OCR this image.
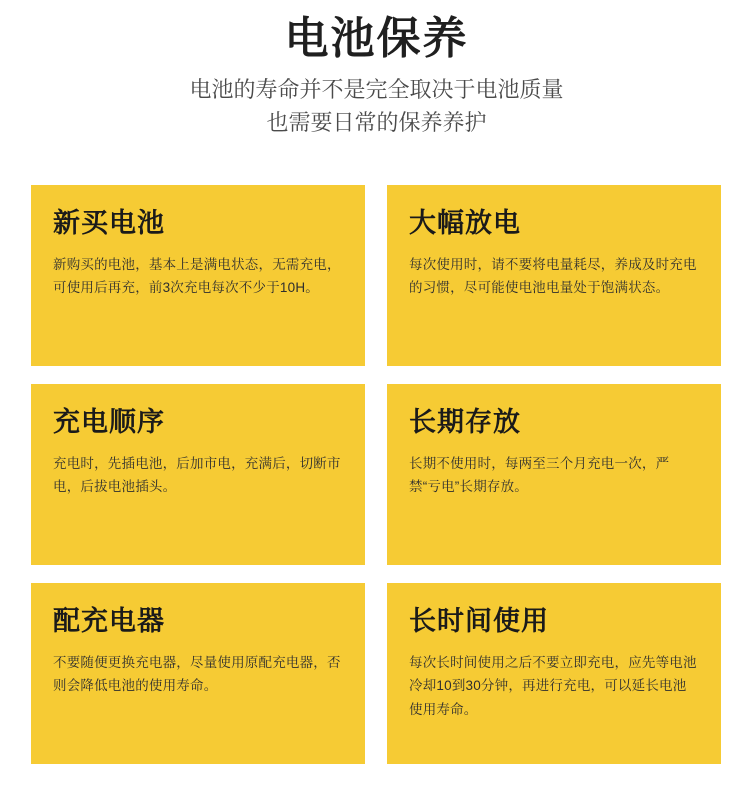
电池保养
电池的寿命并不是完全取决于电池质量
也需要日常的保养养护
新买电池

新购买的电池，基本上是满电状态，无需充电，可使用后再充，前3次充电每次不少于10H。

大幅放电

每次使用时，请不要将电量耗尽，养成及时充电的习惯，尽可能使电池电量处于饱满状态。

充电顺序

充电时，先插电池，后加市电，充满后，切断市电，后拔电池插头。

长期存放

长期不使用时，每两至三个月充电一次，严禁“亏电”长期存放。

配充电器

不要随便更换充电器，尽量使用原配充电器，否则会降低电池的使用寿命。

长时间使用

每次长时间使用之后不要立即充电，应先等电池冷却10到30分钟，再进行充电，可以延长电池使用寿命。
